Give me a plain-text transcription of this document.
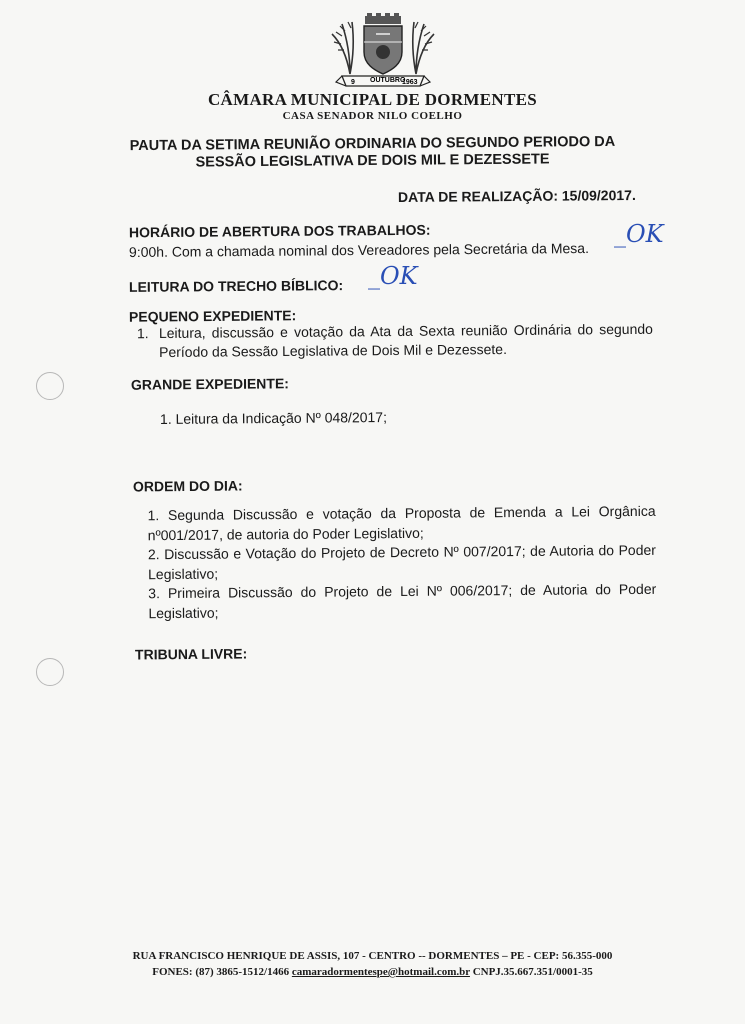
9 OUTUBRO
1963
CÂMARA MUNICIPAL DE DORMENTES
CASA SENADOR NILO COELHO
PAUTA DA SETIMA REUNIÃO ORDINARIA DO SEGUNDO PERIODO DA
SESSÃO LEGISLATIVA DE DOIS MIL E DEZESSETE
DATA DE REALIZAÇÃO: 15/09/2017.
HORÁRIO DE ABERTURA DOS TRABALHOS:
9:00h. Com a chamada nominal dos Vereadores pela Secretária da Mesa.
_OK
LEITURA DO TRECHO BÍBLICO: _OK
PEQUENO EXPEDIENTE:
1. Leitura, discussão e votação da Ata da Sexta reunião Ordinária do segundo Período da Sessão Legislativa de Dois Mil e Dezessete.
GRANDE EXPEDIENTE:
1. Leitura da Indicação Nº 048/2017;
ORDEM DO DIA:
1. Segunda Discussão e votação da Proposta de Emenda a Lei Orgânica nº001/2017, de autoria do Poder Legislativo;
2. Discussão e Votação do Projeto de Decreto Nº 007/2017; de Autoria do Poder Legislativo;
3. Primeira Discussão do Projeto de Lei Nº 006/2017; de Autoria do Poder Legislativo;
TRIBUNA LIVRE:
RUA FRANCISCO HENRIQUE DE ASSIS, 107 - CENTRO -- DORMENTES – PE - CEP: 56.355-000
FONES: (87) 3865-1512/1466 camaradormentespe@hotmail.com.br CNPJ.35.667.351/0001-35
